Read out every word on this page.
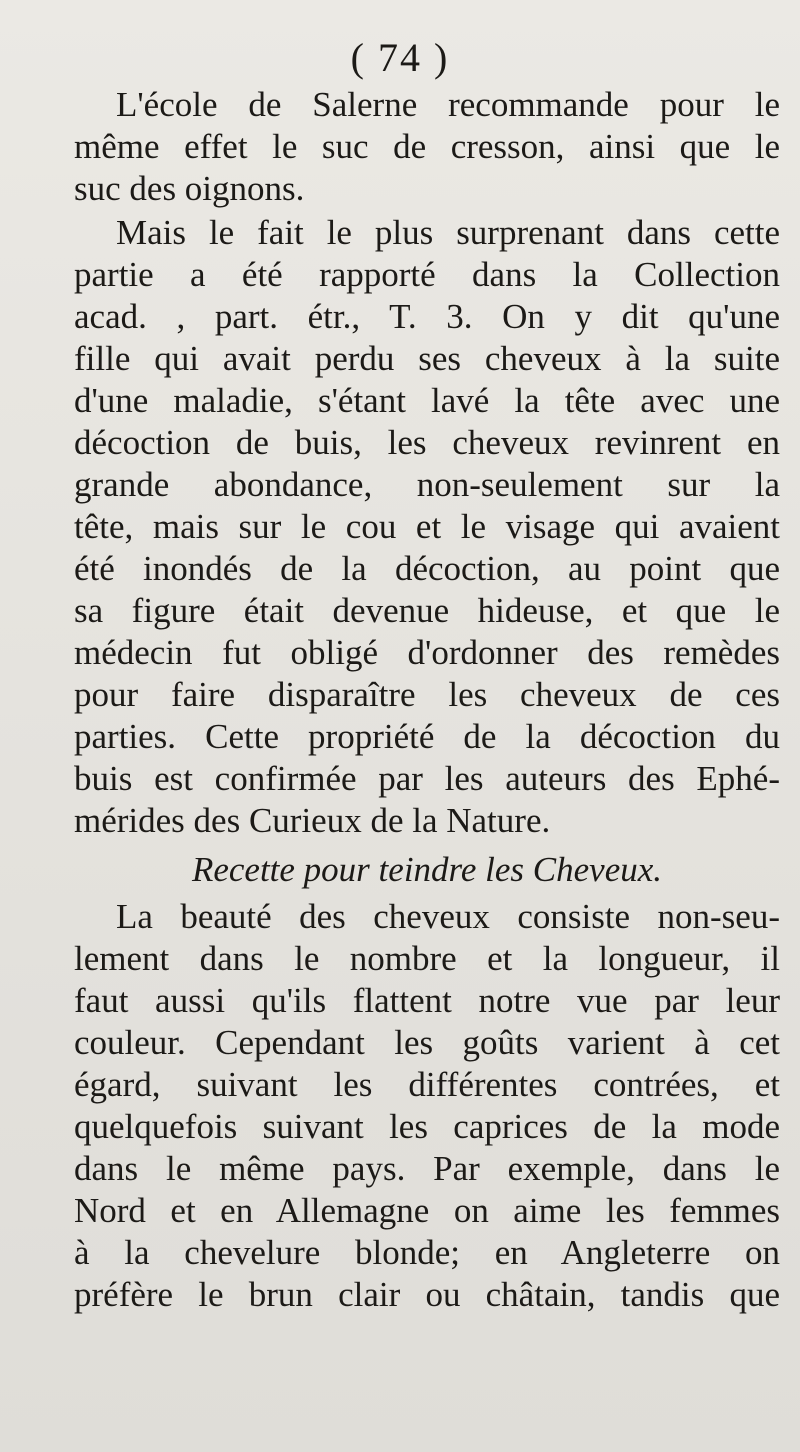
( 74 )
L'école de Salerne recommande pour le
même effet le suc de cresson, ainsi que le
suc des oignons.
Mais le fait le plus surprenant dans cette
partie a été rapporté dans la Collection
acad. , part. étr., T. 3. On y dit qu'une
fille qui avait perdu ses cheveux à la suite
d'une maladie, s'étant lavé la tête avec une
décoction de buis, les cheveux revinrent en
grande abondance, non-seulement sur la
tête, mais sur le cou et le visage qui avaient
été inondés de la décoction, au point que
sa figure était devenue hideuse, et que le
médecin fut obligé d'ordonner des remèdes
pour faire disparaître les cheveux de ces
parties. Cette propriété de la décoction du
buis est confirmée par les auteurs des Ephé-
mérides des Curieux de la Nature.
Recette pour teindre les Cheveux.
La beauté des cheveux consiste non-seu-
lement dans le nombre et la longueur, il
faut aussi qu'ils flattent notre vue par leur
couleur. Cependant les goûts varient à cet
égard, suivant les différentes contrées, et
quelquefois suivant les caprices de la mode
dans le même pays. Par exemple, dans le
Nord et en Allemagne on aime les femmes
à la chevelure blonde; en Angleterre on
préfère le brun clair ou châtain, tandis que
